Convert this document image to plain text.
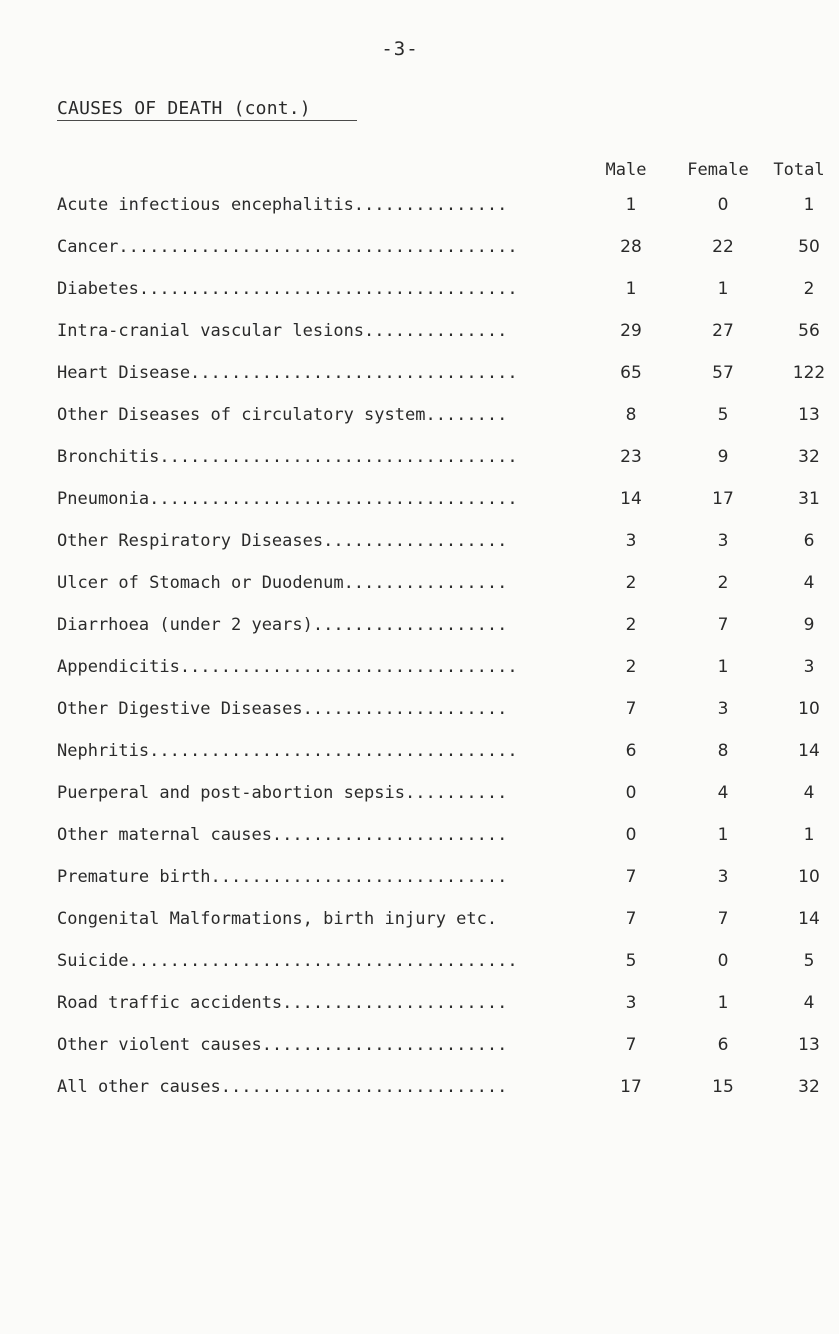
-3-
CAUSES OF DEATH (cont.)
Male	Female	Total
Acute infectious encephalitis...............	1	0	1
Cancer.......................................	28	22	50
Diabetes.....................................	1	1	2
Intra-cranial vascular lesions..............	29	27	56
Heart Disease................................	65	57	122
Other Diseases of circulatory system........	8	5	13
Bronchitis...................................	23	9	32
Pneumonia....................................	14	17	31
Other Respiratory Diseases..................	3	3	6
Ulcer of Stomach or Duodenum................	2	2	4
Diarrhoea (under 2 years)...................	2	7	9
Appendicitis.................................	2	1	3
Other Digestive Diseases....................	7	3	10
Nephritis....................................	6	8	14
Puerperal and post-abortion sepsis..........	0	4	4
Other maternal causes.......................	0	1	1
Premature birth.............................	7	3	10
Congenital Malformations, birth injury etc.	7	7	14
Suicide......................................	5	0	5
Road traffic accidents......................	3	1	4
Other violent causes........................	7	6	13
All other causes............................	17	15	32
